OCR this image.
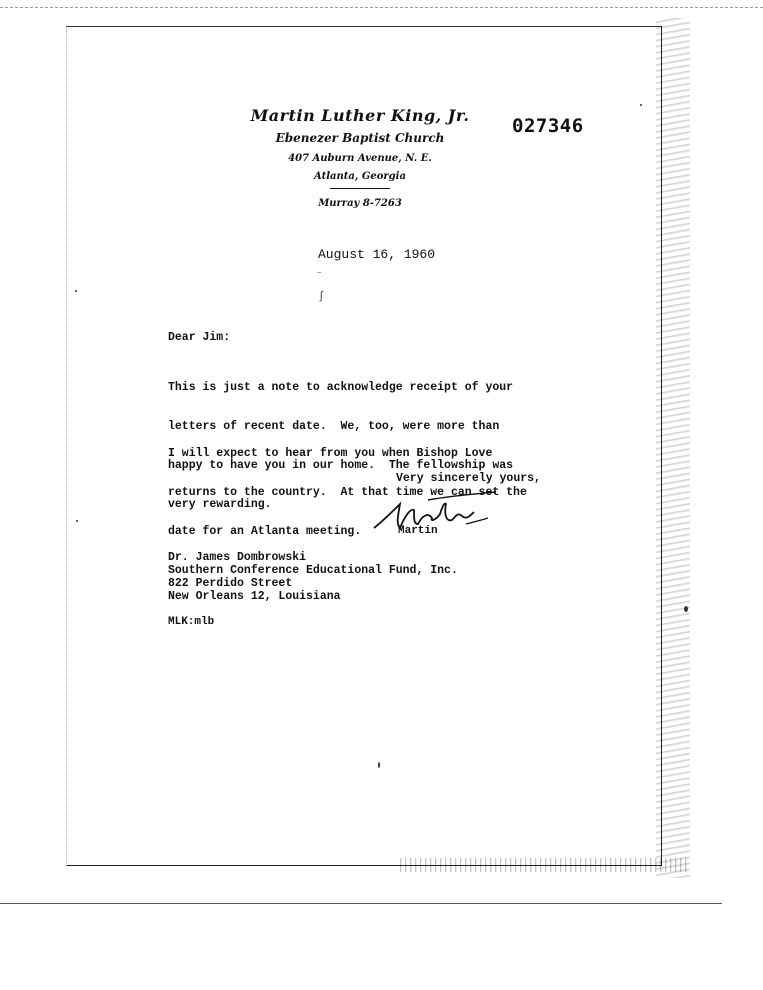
Martin Luther King, Jr.
Ebenezer Baptist Church
407 Auburn Avenue, N. E.
Atlanta, Georgia
Murray 8-7263
027346
August 16, 1960
⁻
ʃ
Dear Jim:

This is just a note to acknowledge receipt of your

letters of recent date.  We, too, were more than

happy to have you in our home.  The fellowship was

very rewarding.

I will expect to hear from you when Bishop Love

returns to the country.  At that time we can set the

date for an Atlanta meeting.

Very sincerely yours,
Martin
Dr. James Dombrowski
Southern Conference Educational Fund, Inc.
822 Perdido Street
New Orleans 12, Louisiana
MLK:mlb
